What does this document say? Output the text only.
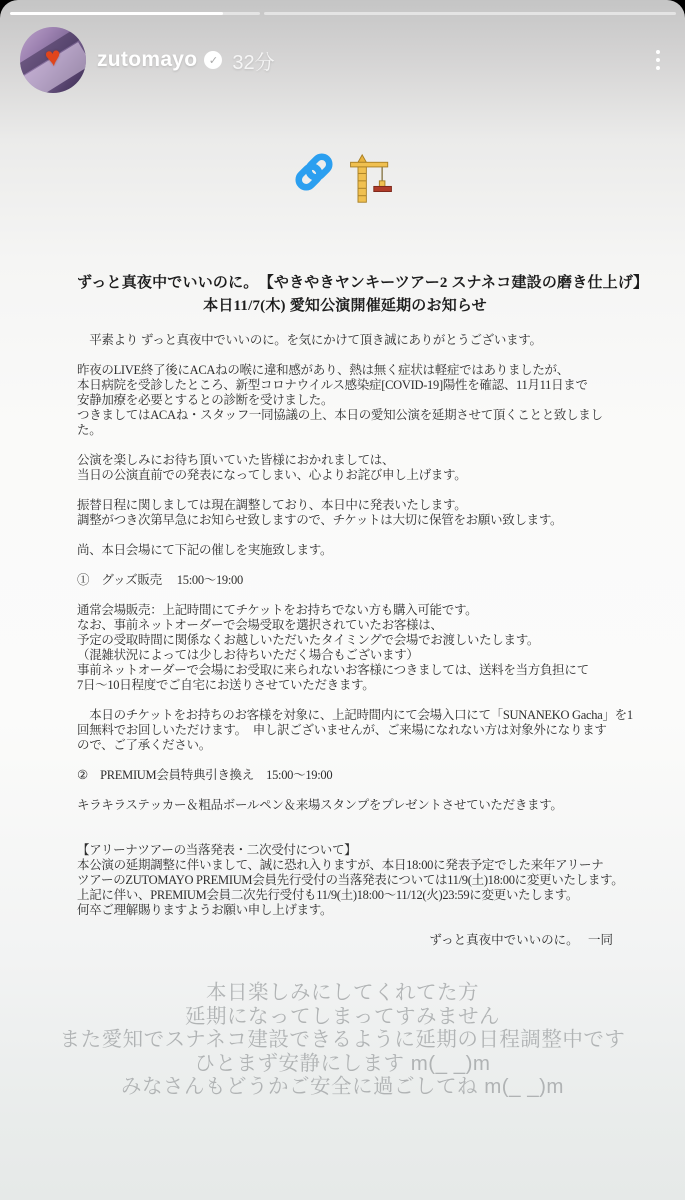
♥ zutomayo	✓ 32分
ずっと真夜中でいいのに。　【やきやきヤンキーツアー2 スナネコ建設の磨き仕上げ】
本日11/7(木) 愛知公演開催延期のお知らせ
　平素より ずっと真夜中でいいのに。を気にかけて頂き誠にありがとうございます。
昨夜のLIVE終了後にACAねの喉に違和感があり、熱は無く症状は軽症ではありましたが、
本日病院を受診したところ、新型コロナウイルス感染症[COVID-19]陽性を確認、11月11日まで
安静加療を必要とするとの診断を受けました。
つきましてはACAね・スタッフ一同協議の上、本日の愛知公演を延期させて頂くことと致しまし
た。
公演を楽しみにお待ち頂いていた皆様におかれましては、
当日の公演直前での発表になってしまい、心よりお詫び申し上げます。
振替日程に関しましては現在調整しており、本日中に発表いたします。
調整がつき次第早急にお知らせ致しますので、チケットは大切に保管をお願い致します。
尚、本日会場にて下記の催しを実施致します。
①　グッズ販売　 15:00〜19:00
通常会場販売：上記時間にてチケットをお持ちでない方も購入可能です。
なお、事前ネットオーダーで会場受取を選択されていたお客様は、
予定の受取時間に関係なくお越しいただいたタイミングで会場でお渡しいたします。
（混雑状況によっては少しお待ちいただく場合もございます）
事前ネットオーダーで会場にお受取に来られないお客様につきましては、送料を当方負担にて
7日〜10日程度でご自宅にお送りさせていただきます。
　本日のチケットをお持ちのお客様を対象に、上記時間内にて会場入口にて「SUNANEKO Gacha」を1
回無料でお回しいただけます。　申し訳ございませんが、ご来場になれない方は対象外になります
ので、ご了承ください。
②　PREMIUM会員特典引き換え　15:00〜19:00
キラキラステッカー＆粗品ボールペン＆来場スタンプをプレゼントさせていただきます。
【アリーナツアーの当落発表・二次受付について】
本公演の延期調整に伴いまして、誠に恐れ入りますが、本日18:00に発表予定でした来年アリーナ
ツアーのZUTOMAYO PREMIUM会員先行受付の当落発表については11/9(土)18:00に変更いたします。
上記に伴い、PREMIUM会員二次先行受付も11/9(土)18:00〜11/12(火)23:59に変更いたします。
何卒ご理解賜りますようお願い申し上げます。
ずっと真夜中でいいのに。　 一同
本日楽しみにしてくれてた方
延期になってしまってすみません
また愛知でスナネコ建設できるように延期の日程調整中です
ひとまず安静にします m(_ _)m
みなさんもどうかご安全に過ごしてね m(_ _)m
